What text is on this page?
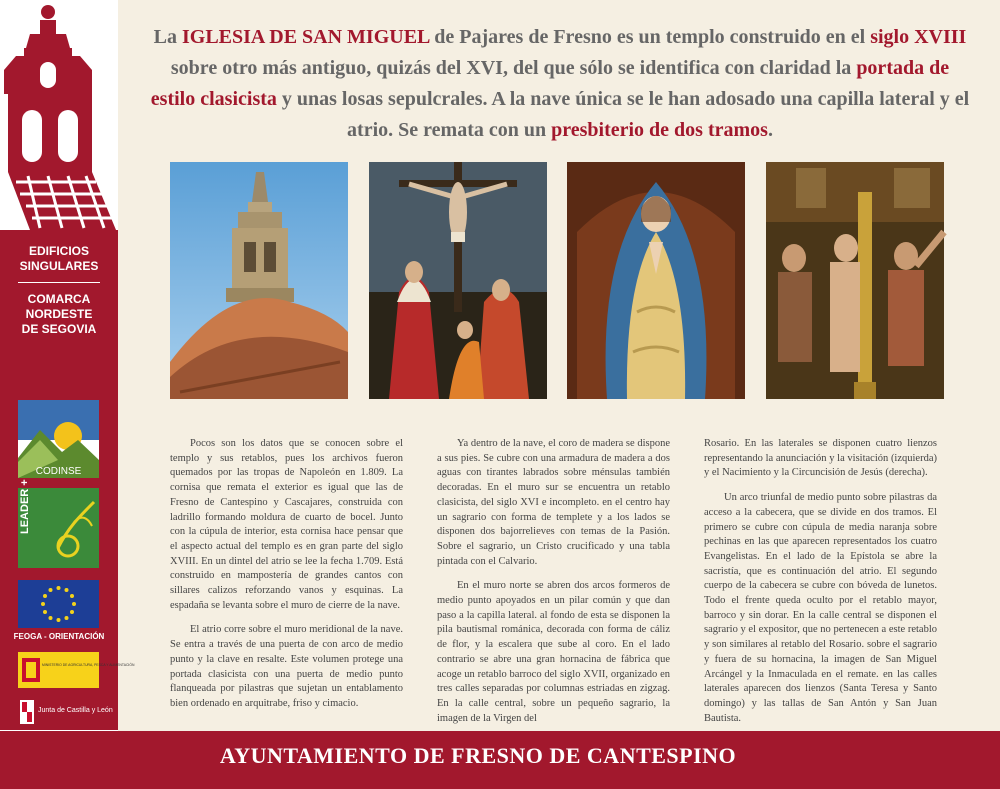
EDIFICIOS
SINGULARES
COMARCA
NORDESTE
DE SEGOVIA
CODINSE
LEADER +
FEOGA - ORIENTACIÓN
MINISTERIO DE AGRICULTURA, PESCA Y ALIMENTACIÓN
Junta de Castilla y León
La IGLESIA DE SAN MIGUEL de Pajares de Fresno es un templo construido en el siglo XVIII sobre otro más antiguo, quizás del XVI, del que sólo se identifica con claridad la portada de estilo clasicista y unas losas sepulcrales. A la nave única se le han adosado una capilla lateral y el atrio. Se remata con un presbiterio de dos tramos.

Pocos son los datos que se conocen sobre el templo y sus retablos, pues los archivos fueron quemados por las tropas de Napoleón en 1.809. La cornisa que remata el exterior es igual que las de Fresno de Cantespino y Cascajares, construida con ladrillo formando moldura de cuarto de bocel. Junto con la cúpula de interior, esta cornisa hace pensar que el aspecto actual del templo es en gran parte del siglo XVIII. En un dintel del atrio se lee la fecha 1.709. Está construido en mampostería de grandes cantos con sillares calizos reforzando vanos y esquinas. La espadaña se levanta sobre el muro de cierre de la nave.

El atrio corre sobre el muro meridional de la nave. Se entra a través de una puerta de con arco de medio punto y la clave en resalte. Este volumen protege una portada clasicista con una puerta de medio punto flanqueada por pilastras que sujetan un entablamento bien ordenado en arquitrabe, friso y cimacio.

Ya dentro de la nave, el coro de madera se dispone a sus pies. Se cubre con una armadura de madera a dos aguas con tirantes labrados sobre ménsulas también decoradas. En el muro sur se encuentra un retablo clasicista, del siglo XVI e incompleto. en el centro hay un sagrario con forma de templete y a los lados se disponen dos bajorrelieves con temas de la Pasión. Sobre el sagrario, un Cristo crucificado y una tabla pintada con el Calvario.

En el muro norte se abren dos arcos formeros de medio punto apoyados en un pilar común y que dan paso a la capilla lateral. al fondo de esta se disponen la pila bautismal románica, decorada con forma de cáliz de flor, y la escalera que sube al coro. En el lado contrario se abre una gran hornacina de fábrica que acoge un retablo barroco del siglo XVII, organizado en tres calles separadas por columnas estriadas en zigzag. En la calle central, sobre un pequeño sagrario, la imagen de la Virgen del

Rosario. En las laterales se disponen cuatro lienzos representando la anunciación y la visitación (izquierda) y el Nacimiento y la Circuncisión de Jesús (derecha).

Un arco triunfal de medio punto sobre pilastras da acceso a la cabecera, que se divide en dos tramos. El primero se cubre con cúpula de media naranja sobre pechinas en las que aparecen representados los cuatro Evangelistas. En el lado de la Epístola se abre la sacristía, que es continuación del atrio. El segundo cuerpo de la cabecera se cubre con bóveda de lunetos. Todo el frente queda oculto por el retablo mayor, barroco y sin dorar. En la calle central se disponen el sagrario y el expositor, que no pertenecen a este retablo y son similares al retablo del Rosario. sobre el sagrario y fuera de su hornacina, la imagen de San Miguel Arcángel y la Inmaculada en el remate. en las calles laterales aparecen dos lienzos (Santa Teresa y Santo domingo) y las tallas de San Antón y San Juan Bautista.

AYUNTAMIENTO DE FRESNO DE CANTESPINO
